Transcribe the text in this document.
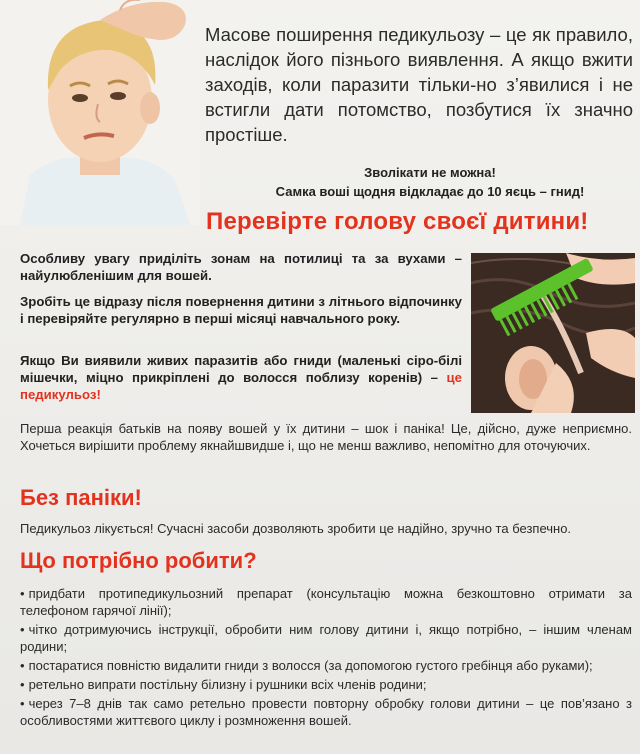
Масове поширення педикульозу – це як правило, наслідок його пізнього виявлення. А якщо вжити заходів, коли паразити тільки-но з’явилися і не встигли дати потомство, позбутися їх значно простіше.
Зволікати не можна!
Самка воші щодня відкладає до 10 яєць – гнид!
Перевірте голову своєї дитини!
Особливу увагу приділіть зонам на потилиці та за вухами – найулюбленішим для вошей.
Зробіть це відразу після повернення дитини з літнього відпочинку і перевіряйте регулярно в перші місяці навчального року.
Якщо Ви виявили живих паразитів або гниди (маленькі сіро-білі мішечки, міцно прикріплені до волосся поблизу коренів) – це педикульоз!
Перша реакція батьків на появу вошей у їх дитини – шок і паніка! Це, дійсно, дуже неприємно. Хочеться вирішити проблему якнайшвидше і, що не менш важливо, непомітно для оточуючих.
Без паніки!
Педикульоз лікується! Сучасні засоби дозволяють зробити це надійно, зручно та безпечно.
Що потрібно робити?
• придбати протипедикульозний препарат (консультацію можна безкоштовно отримати за телефоном гарячої лінії);
• чітко дотримуючись інструкції, обробити ним голову дитини і, якщо потрібно, – іншим членам родини;
• постаратися повністю видалити гниди з волосся (за допомогою густого гребінця або руками);
• ретельно випрати постільну білизну і рушники всіх членів родини;
• через 7–8 днів так само ретельно провести повторну обробку голови дитини – це пов’язано з особливостями життєвого циклу і розмноження вошей.
